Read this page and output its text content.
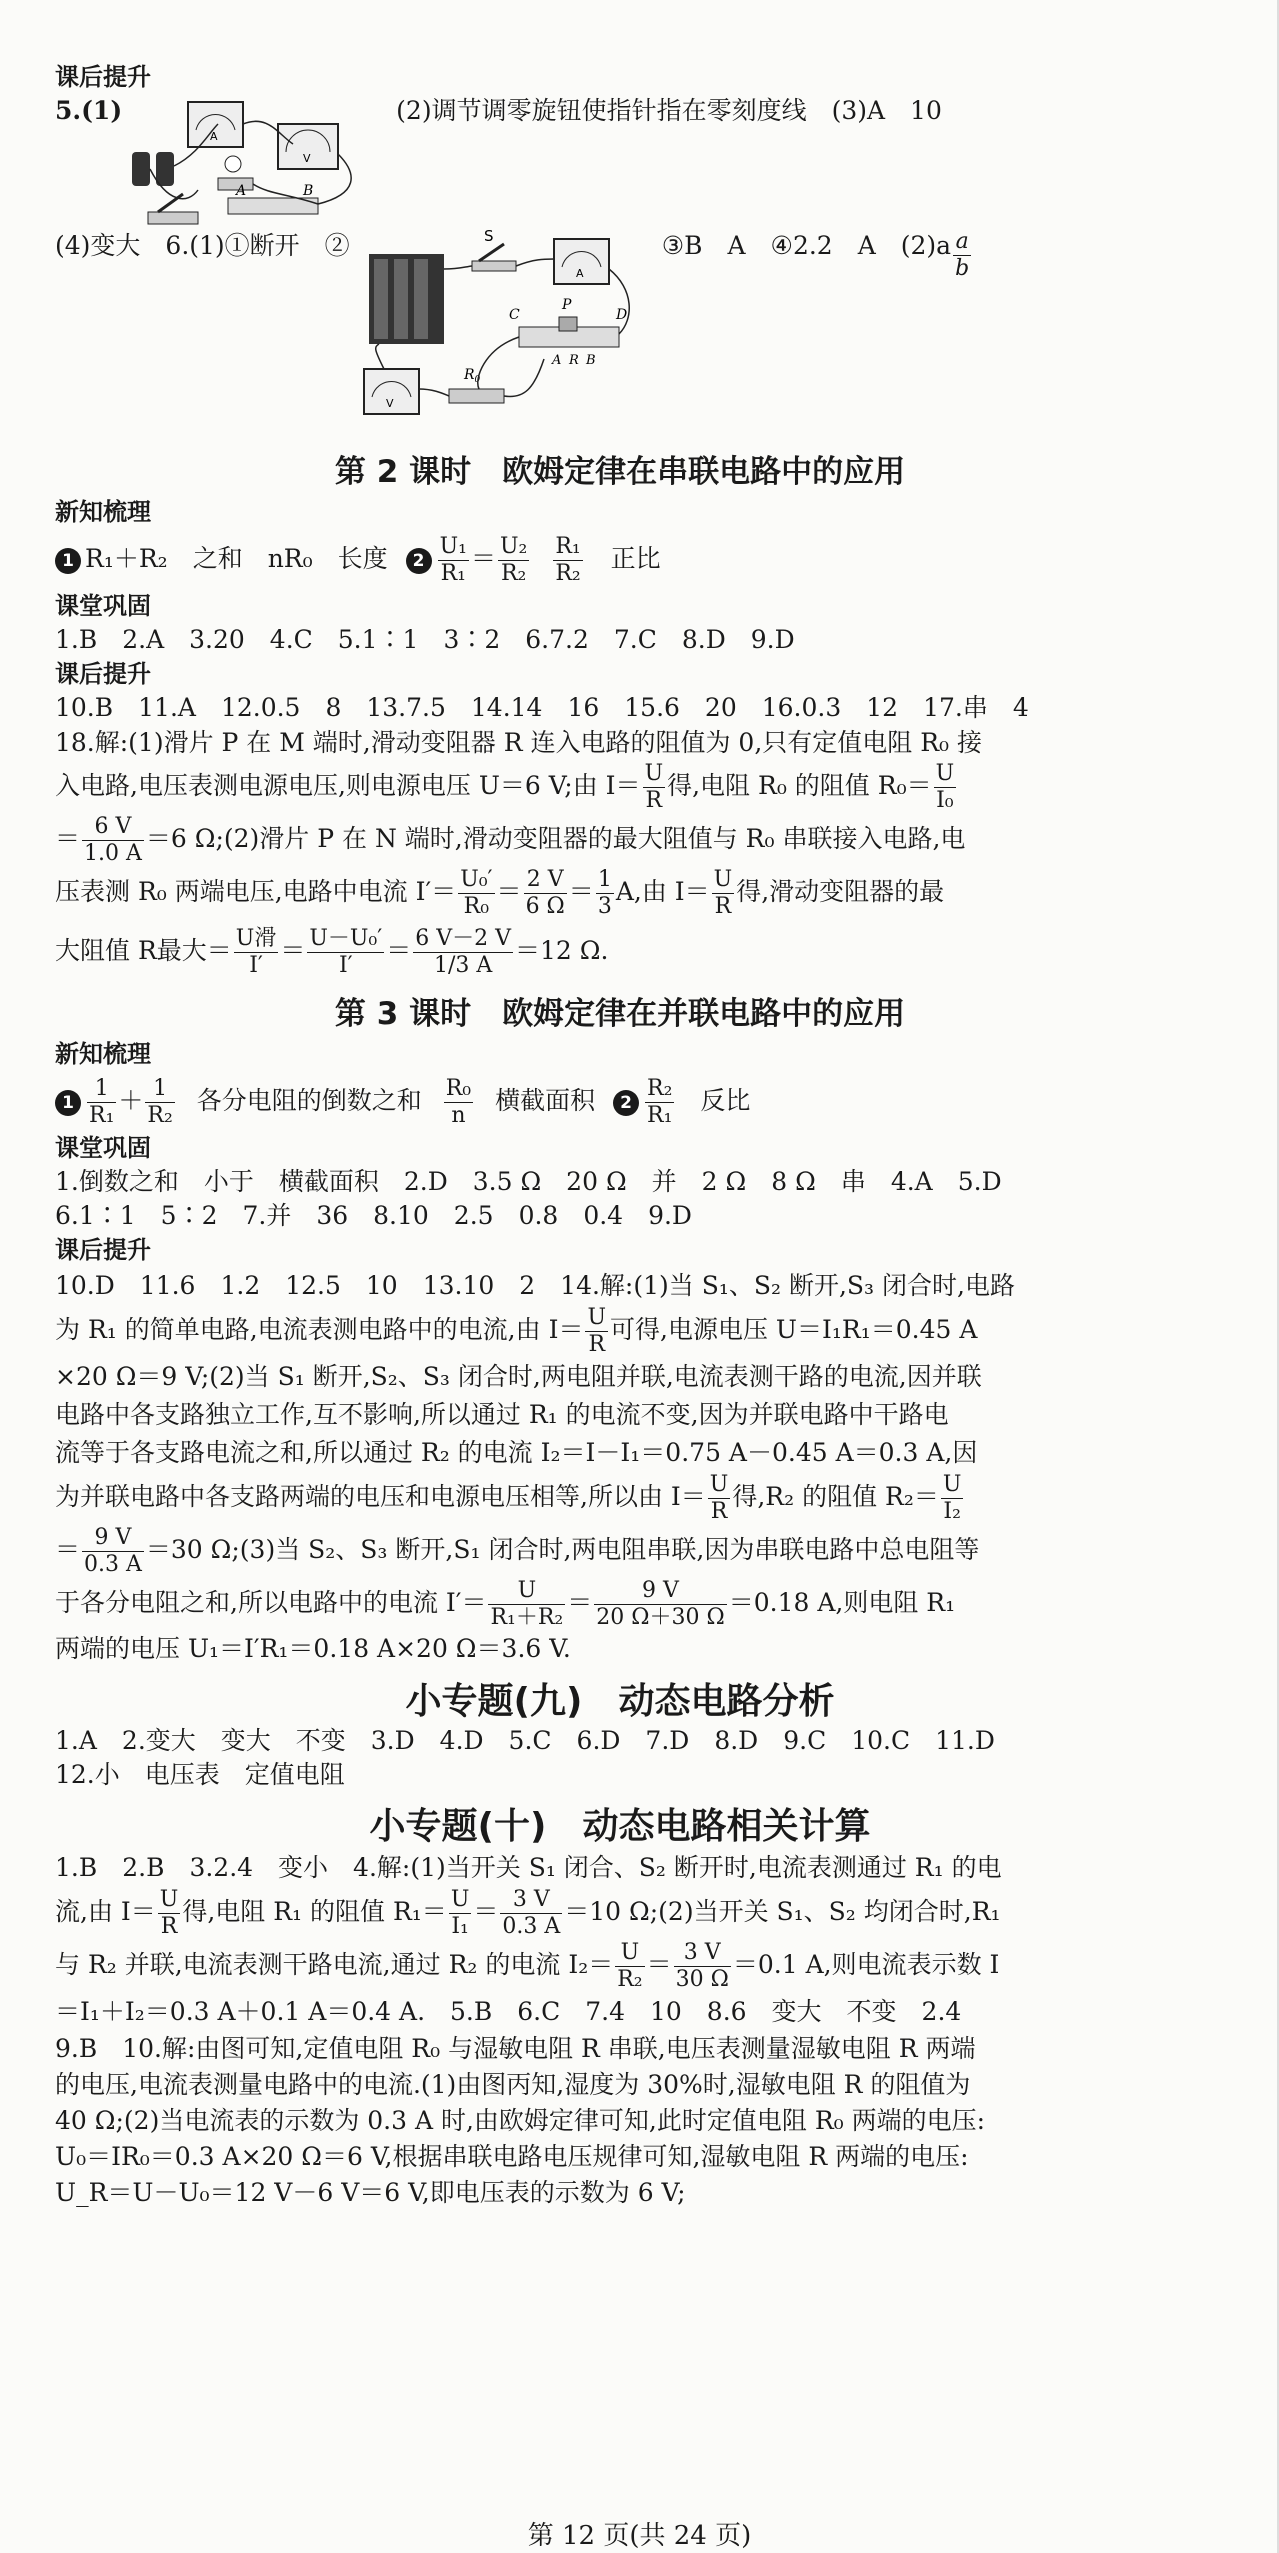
课后提升
5.(1)
A
V
A	B
(2)调节调零旋钮使指针指在零刻度线　(3)A　10
(4)变大　6.(1)①断开　②	S
A
C
P
D
A R B
V
$R_0$
③B　A　④2.2　A　$(2)a \frac{a}{b}$
第 2 课时　欧姆定律在串联电路中的应用
新知梳理
1 R₁＋R₂　之和　nR₀　长度 $2 \frac{\text{U₁}}{\text{R₁}} = \frac{\text{U₂}}{\text{R₂}}$
$\frac{\text{R₁}}{\text{R₂}}$ 正比
课堂巩固
1.B　2.A　3.20　4.C　5.1∶1　3∶2　6.7.2　7.C　8.D　9.D
课后提升
10.B　11.A　12.0.5　8　13.7.5　14.14　16　15.6　20　16.0.3　12　17.串　4

18.解:(1)滑片 P 在 M 端时,滑动变阻器 R 连入电路的阻值为 0,只有定值电阻 R₀ 接

入电路,电压表测电源电压,则电源电压 U＝6 V;由 $I= \frac{U}{R}$ 得,电阻 R₀ 的阻值 $R_0= \frac{U}{\text{I₀}}$

＝ $\frac{6 V}{1.0 A} =6$ Ω;(2)滑片 P 在 N 端时,滑动变阻器的最大阻值与 R₀ 串联接入电路,电

压表测 R₀ 两端电压,电路中电流 $I'= \frac{\text{U₀′}}{\text{R₀}} = \frac{2 V}{6 \Omega} = \frac{1}{3} A$,由 $I= \frac{U}{R}$ 得,滑动变阻器的最

大阻值 R最大＝ $\frac{\text{U滑}}{I'} = \frac{\text{U－U₀′}}{I'} = \frac{6 V-2 V}{1/3 A} =12$ Ω.

第 3 课时　欧姆定律在并联电路中的应用
新知梳理
$1 \frac{1}{\text{R₁}} + \frac{1}{\text{R₂}}$ 各分电阻的倒数之和 $\frac{\text{R₀}}{n}$ 横截面积 $2 \frac{\text{R₂}}{\text{R₁}}$ 反比
课堂巩固
1.倒数之和　小于　横截面积　2.D　3.5 Ω　20 Ω　并　2 Ω　8 Ω　串　4.A　5.D
6.1∶1　5∶2　7.并　36　8.10　2.5　0.8　0.4　9.D
课后提升

10.D　11.6　1.2　12.5　10　13.10　2　14.解:(1)当 S₁、S₂ 断开,S₃ 闭合时,电路

为 R₁ 的简单电路,电流表测电路中的电流,由 $I= \frac{U}{R}$ 可得,电源电压 U＝I₁R₁＝0.45 A

×20 Ω＝9 V;(2)当 S₁ 断开,S₂、S₃ 闭合时,两电阻并联,电流表测干路的电流,因并联

电路中各支路独立工作,互不影响,所以通过 R₁ 的电流不变,因为并联电路中干路电

流等于各支路电流之和,所以通过 R₂ 的电流 I₂＝I－I₁＝0.75 A－0.45 A＝0.3 A,因

为并联电路中各支路两端的电压和电源电压相等,所以由 $I= \frac{U}{R}$ 得,R₂ 的阻值 $R_2= \frac{U}{\text{I₂}}$

＝ $\frac{9 V}{0.3 A} =30$ Ω;(3)当 S₂、S₃ 断开,S₁ 闭合时,两电阻串联,因为串联电路中总电阻等

于各分电阻之和,所以电路中的电流 $I'= \frac{U}{\text{R₁＋R₂}} = \frac{9 V}{20 \Omega+30 \Omega} =0.18$ A,则电阻 R₁

两端的电压 U₁＝I′R₁＝0.18 A×20 Ω＝3.6 V.

小专题(九)　动态电路分析
1.A　2.变大　变大　不变　3.D　4.D　5.C　6.D　7.D　8.D　9.C　10.C　11.D
12.小　电压表　定值电阻
小专题(十)　动态电路相关计算

1.B　2.B　3.2.4　变小　4.解:(1)当开关 S₁ 闭合、S₂ 断开时,电流表测通过 R₁ 的电

流,由 $I= \frac{U}{R}$ 得,电阻 R₁ 的阻值 $R_1= \frac{U}{\text{I₁}} = \frac{3 V}{0.3 A} =10$ Ω;(2)当开关 S₁、S₂ 均闭合时,R₁

与 R₂ 并联,电流表测干路电流,通过 R₂ 的电流 $I_2= \frac{U}{\text{R₂}} = \frac{3 V}{30 \Omega} =0.1$ A,则电流表示数 I

＝I₁＋I₂＝0.3 A＋0.1 A＝0.4 A.　5.B　6.C　7.4　10　8.6　变大　不变　2.4

9.B　10.解:由图可知,定值电阻 R₀ 与湿敏电阻 R 串联,电压表测量湿敏电阻 R 两端

的电压,电流表测量电路中的电流.(1)由图丙知,湿度为 30%时,湿敏电阻 R 的阻值为

40 Ω;(2)当电流表的示数为 0.3 A 时,由欧姆定律可知,此时定值电阻 R₀ 两端的电压:

U₀＝IR₀＝0.3 A×20 Ω＝6 V,根据串联电路电压规律可知,湿敏电阻 R 两端的电压:

U_R＝U－U₀＝12 V－6 V＝6 V,即电压表的示数为 6 V;

第 12 页(共 24 页)
